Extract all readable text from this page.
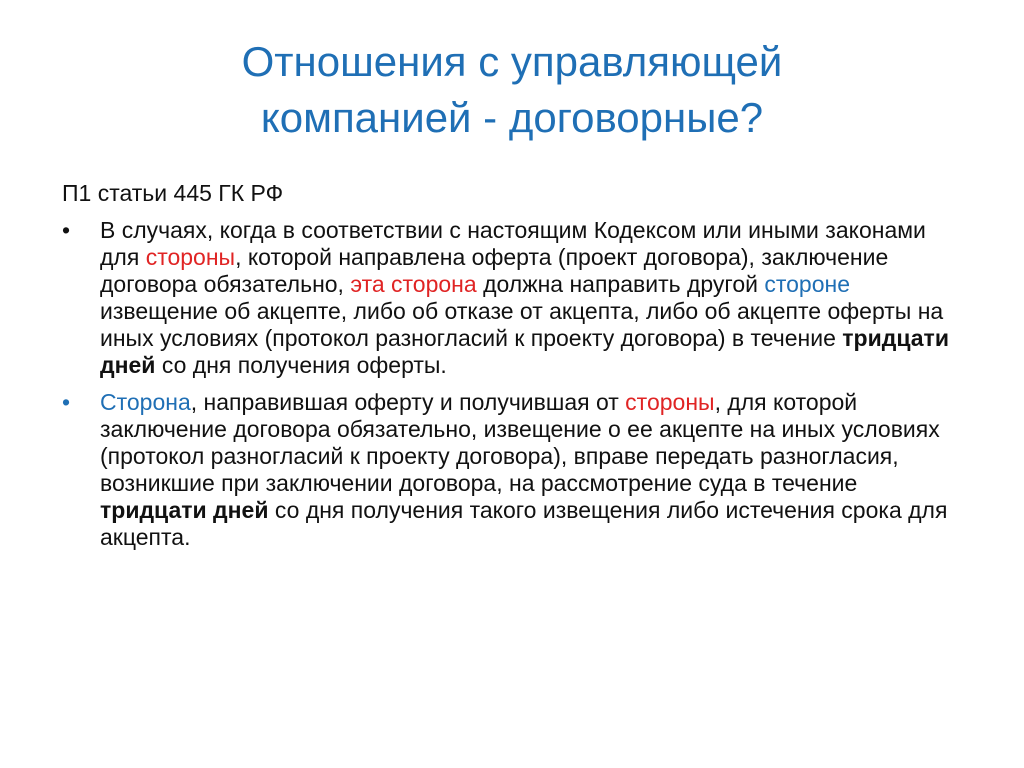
Отношения с управляющей
компанией - договорные?

П1 статьи 445 ГК РФ

•	В случаях, когда в соответствии с настоящим Кодексом или иными законами для стороны, которой направлена оферта (проект договора), заключение договора обязательно, эта сторона должна направить другой стороне извещение об акцепте, либо об отказе от акцепта, либо об акцепте оферты на иных условиях (протокол разногласий к проекту договора) в течение тридцати дней со дня получения оферты.
•	Сторона, направившая оферту и получившая от стороны, для которой заключение договора обязательно, извещение о ее акцепте на иных условиях (протокол разногласий к проекту договора), вправе передать разногласия, возникшие при заключении договора, на рассмотрение суда в течение тридцати дней со дня получения такого извещения либо истечения срока для акцепта.
